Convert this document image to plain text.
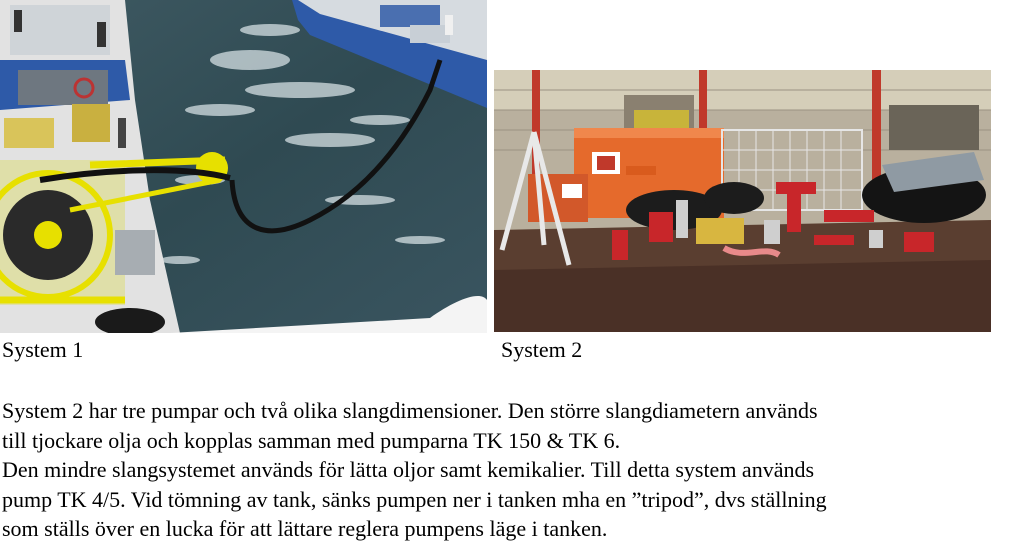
System 1	System 2
System 2 har tre pumpar och två olika slangdimensioner. Den större slangdiametern används
till tjockare olja och kopplas samman med pumparna TK 150 & TK 6.
Den mindre slangsystemet används för lätta oljor samt kemikalier. Till detta system används
pump TK 4/5. Vid tömning av tank, sänks pumpen ner i tanken mha en ”tripod”, dvs ställning
som ställs över en lucka för att lättare reglera pumpens läge i tanken.
